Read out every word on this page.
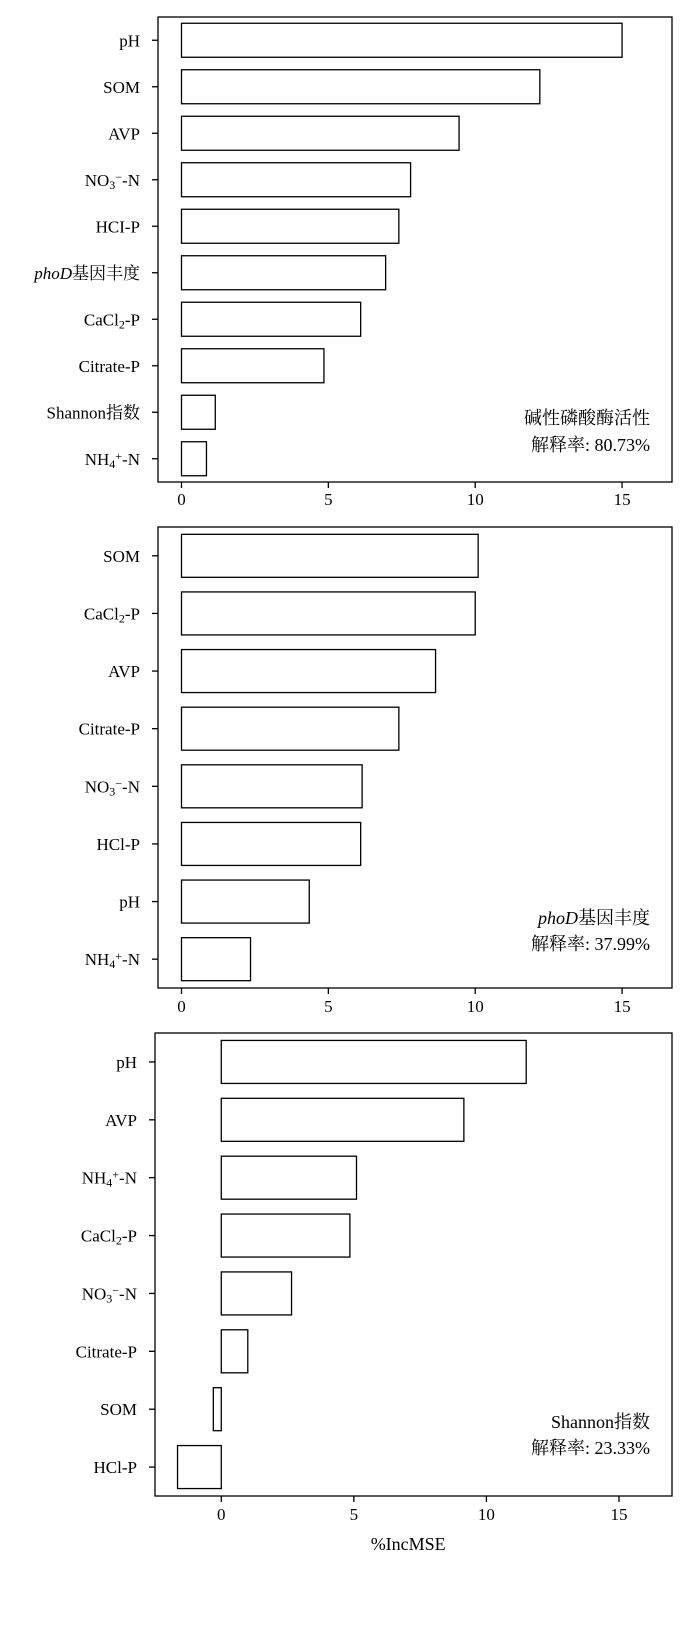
pH
SOM
AVP
NO3−-N
HCI-P
phoD基因丰度
CaCl2-P
Citrate-P
Shannon指数
NH4+-N
0	5	10	15
碱性磷酸酶活性
解释率: 80.73%
SOM
CaCl2-P
AVP
Citrate-P
NO3−-N
HCl-P
pH
NH4+-N
0	5	10	15
phoD基因丰度
解释率: 37.99%
pH
AVP
NH4+-N
CaCl2-P
NO3−-N
Citrate-P
SOM
HCl-P
0	5	10	15
Shannon指数
解释率: 23.33%
%IncMSE
